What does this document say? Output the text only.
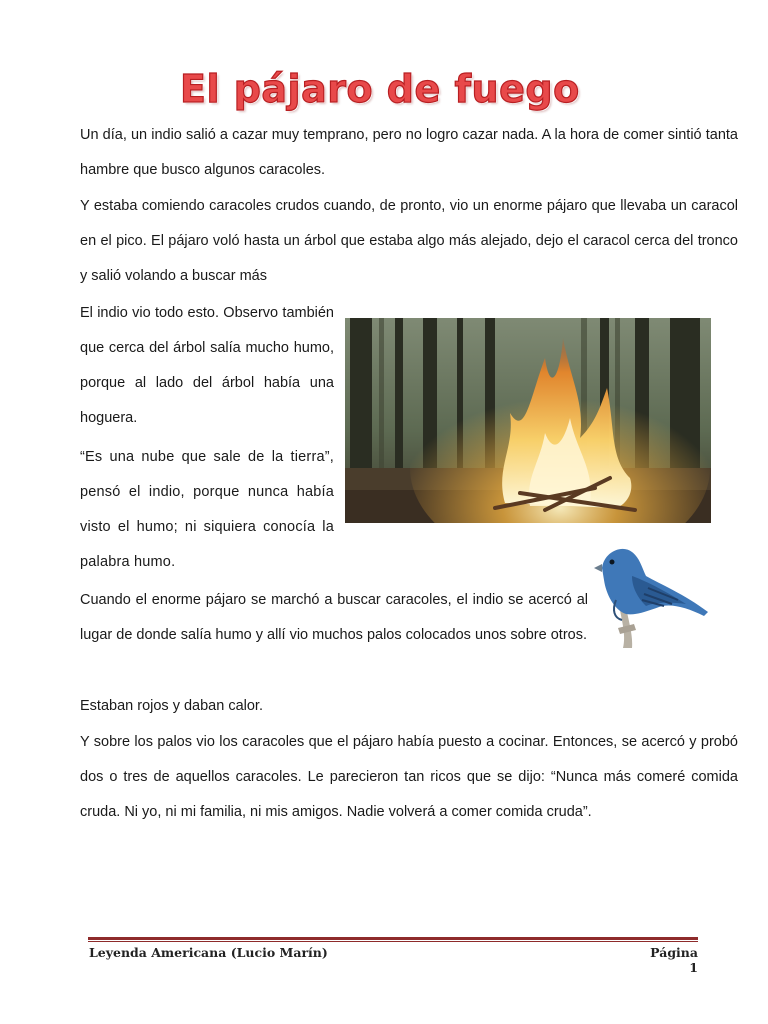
El pájaro de fuego

Un día, un indio salió a cazar muy temprano, pero no logro cazar nada. A la hora de comer sintió tanta hambre que busco algunos caracoles.

Y estaba comiendo caracoles crudos cuando, de pronto, vio un enorme pájaro que llevaba un caracol en el pico. El pájaro voló hasta un árbol que estaba algo más alejado, dejo el caracol cerca del tronco y salió volando a buscar más

El indio vio todo esto. Observo también que cerca del árbol salía mucho humo, porque al lado del árbol había una hoguera.

“Es una nube que sale de la tierra”, pensó el indio, porque nunca había visto el humo; ni siquiera conocía la palabra humo.

Cuando el enorme pájaro se marchó a buscar caracoles, el indio se acercó al lugar de donde salía humo y allí vio muchos palos colocados unos sobre otros.

Estaban rojos y daban calor.

Y sobre los palos vio los caracoles que el pájaro había puesto a cocinar. Entonces, se acercó y probó dos o tres de aquellos caracoles. Le parecieron tan ricos que se dijo: “Nunca más comeré comida cruda. Ni yo, ni mi familia, ni mis amigos. Nadie volverá a comer comida cruda”.

Leyenda Americana (Lucio Marín)	Página 1
